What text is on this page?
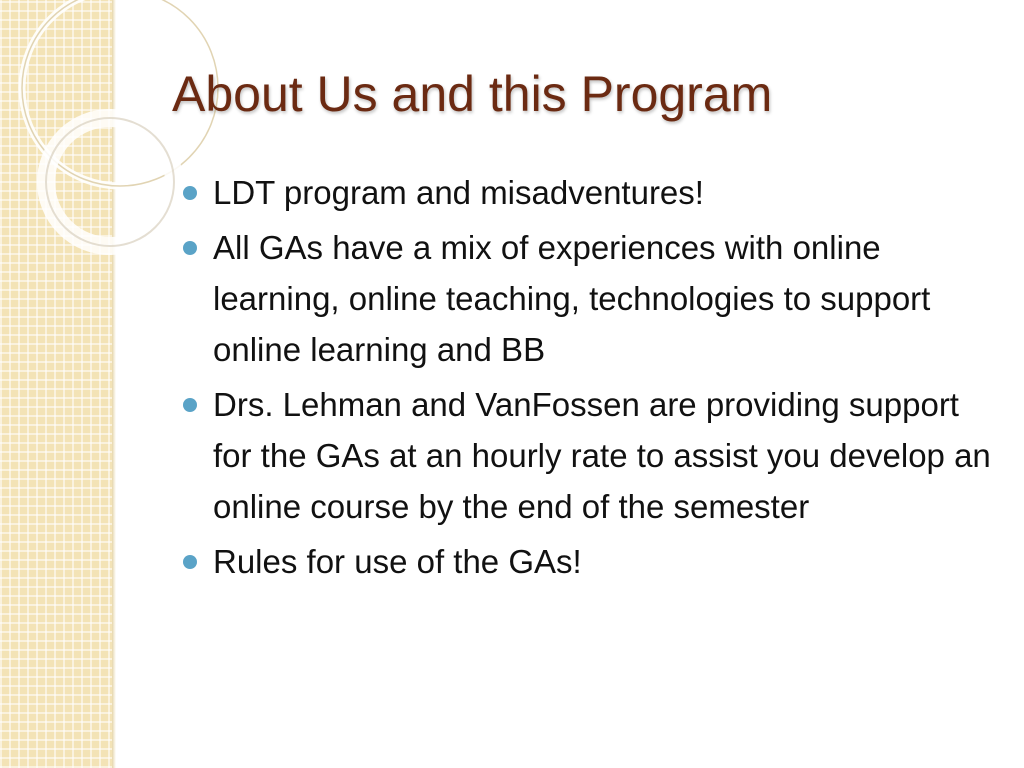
About Us and this Program
LDT program and misadventures!
All GAs have a mix of experiences with online learning, online teaching, technologies to support online learning and BB
Drs. Lehman and VanFossen are providing support for the GAs at an hourly rate to assist you develop an online course by the end of the semester
Rules for use of the GAs!
